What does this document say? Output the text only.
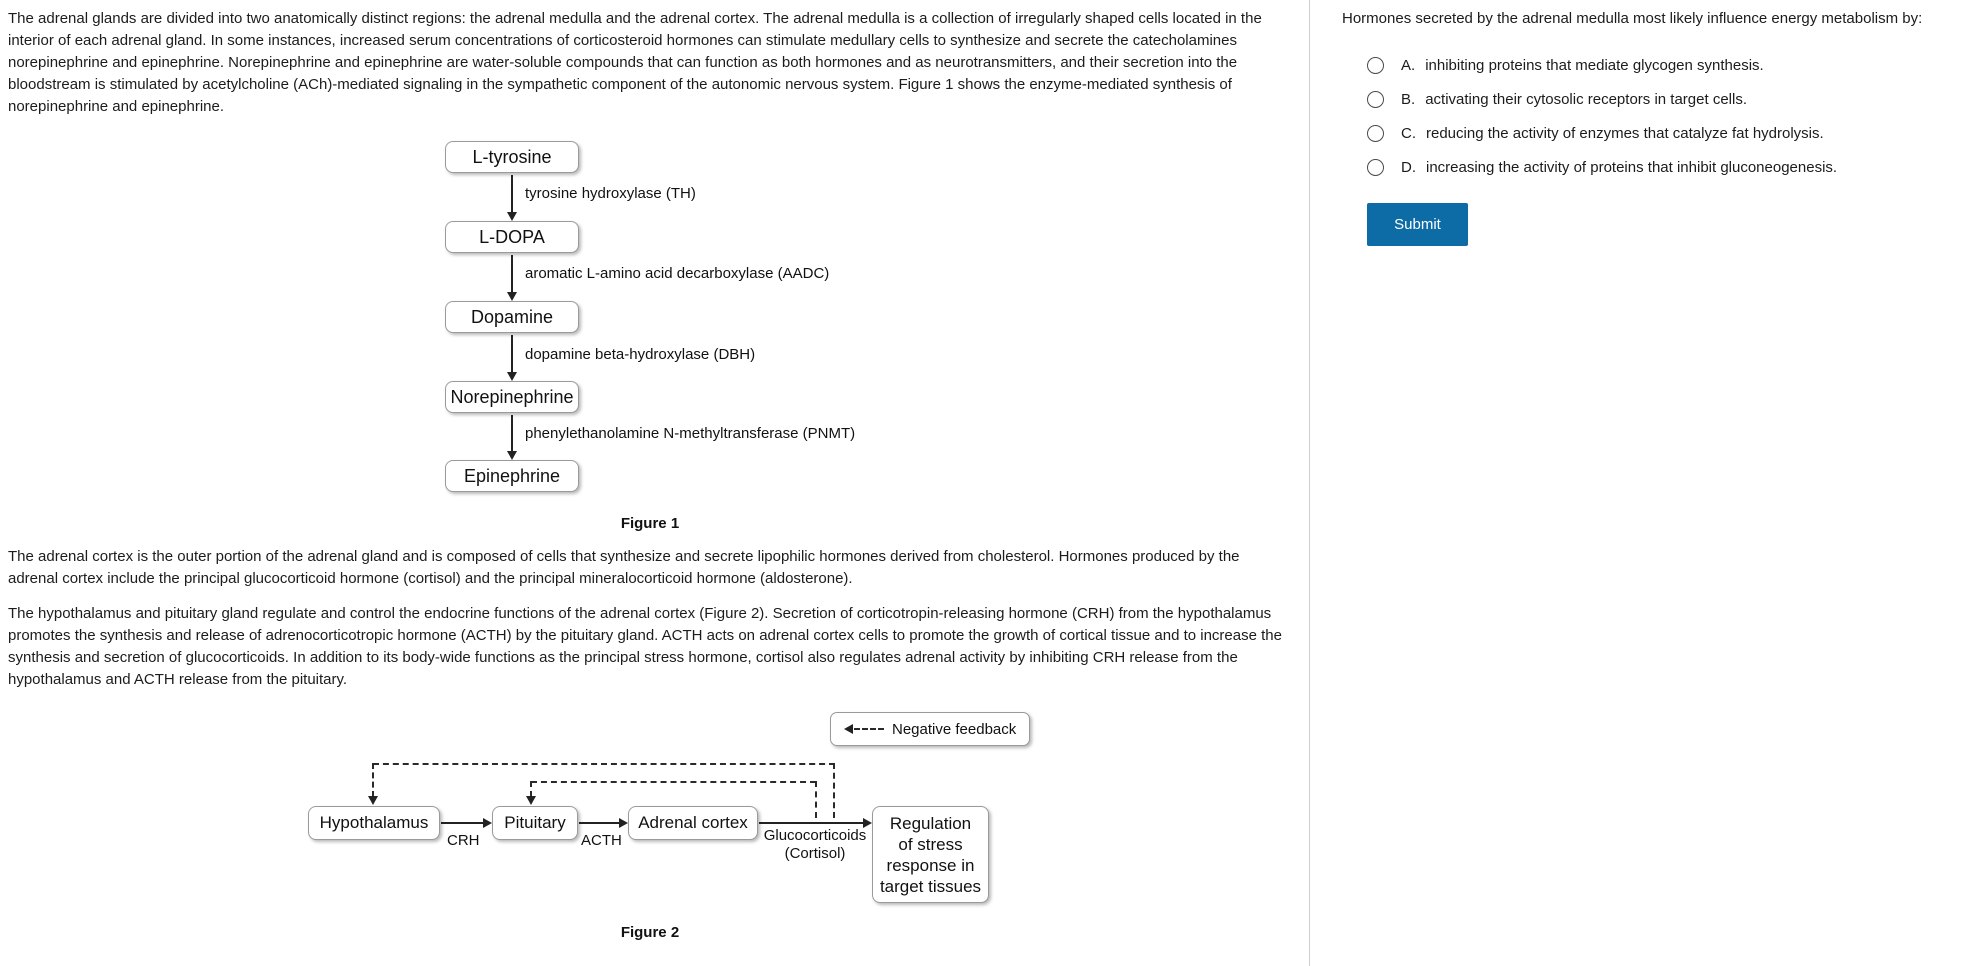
The adrenal glands are divided into two anatomically distinct regions: the adrenal medulla and the adrenal cortex. The adrenal medulla is a collection of irregularly shaped cells located in the interior of each adrenal gland. In some instances, increased serum concentrations of corticosteroid hormones can stimulate medullary cells to synthesize and secrete the catecholamines norepinephrine and epinephrine. Norepinephrine and epinephrine are water-soluble compounds that can function as both hormones and as neurotransmitters, and their secretion into the bloodstream is stimulated by acetylcholine (ACh)-mediated signaling in the sympathetic component of the autonomic nervous system. Figure 1 shows the enzyme-mediated synthesis of norepinephrine and epinephrine.
L-tyrosine
L-DOPA
Dopamine
Norepinephrine
Epinephrine
tyrosine hydroxylase (TH)
aromatic L-amino acid decarboxylase (AADC)
dopamine beta-hydroxylase (DBH)
phenylethanolamine N-methyltransferase (PNMT)
Figure 1
The adrenal cortex is the outer portion of the adrenal gland and is composed of cells that synthesize and secrete lipophilic hormones derived from cholesterol. Hormones produced by the adrenal cortex include the principal glucocorticoid hormone (cortisol) and the principal mineralocorticoid hormone (aldosterone).
The hypothalamus and pituitary gland regulate and control the endocrine functions of the adrenal cortex (Figure 2). Secretion of corticotropin-releasing hormone (CRH) from the hypothalamus promotes the synthesis and release of adrenocorticotropic hormone (ACTH) by the pituitary gland. ACTH acts on adrenal cortex cells to promote the growth of cortical tissue and to increase the synthesis and secretion of glucocorticoids. In addition to its body-wide functions as the principal stress hormone, cortisol also regulates adrenal activity by inhibiting CRH release from the hypothalamus and ACTH release from the pituitary.
Negative feedback
Hypothalamus	Pituitary	Adrenal cortex	Regulation
of stress
response in
target tissues
CRH	ACTH	Glucocorticoids
(Cortisol)
Figure 2
Hormones secreted by the adrenal medulla most likely influence energy metabolism by:
A. inhibiting proteins that mediate glycogen synthesis.
B. activating their cytosolic receptors in target cells.
C. reducing the activity of enzymes that catalyze fat hydrolysis.
D. increasing the activity of proteins that inhibit gluconeogenesis.
Submit
